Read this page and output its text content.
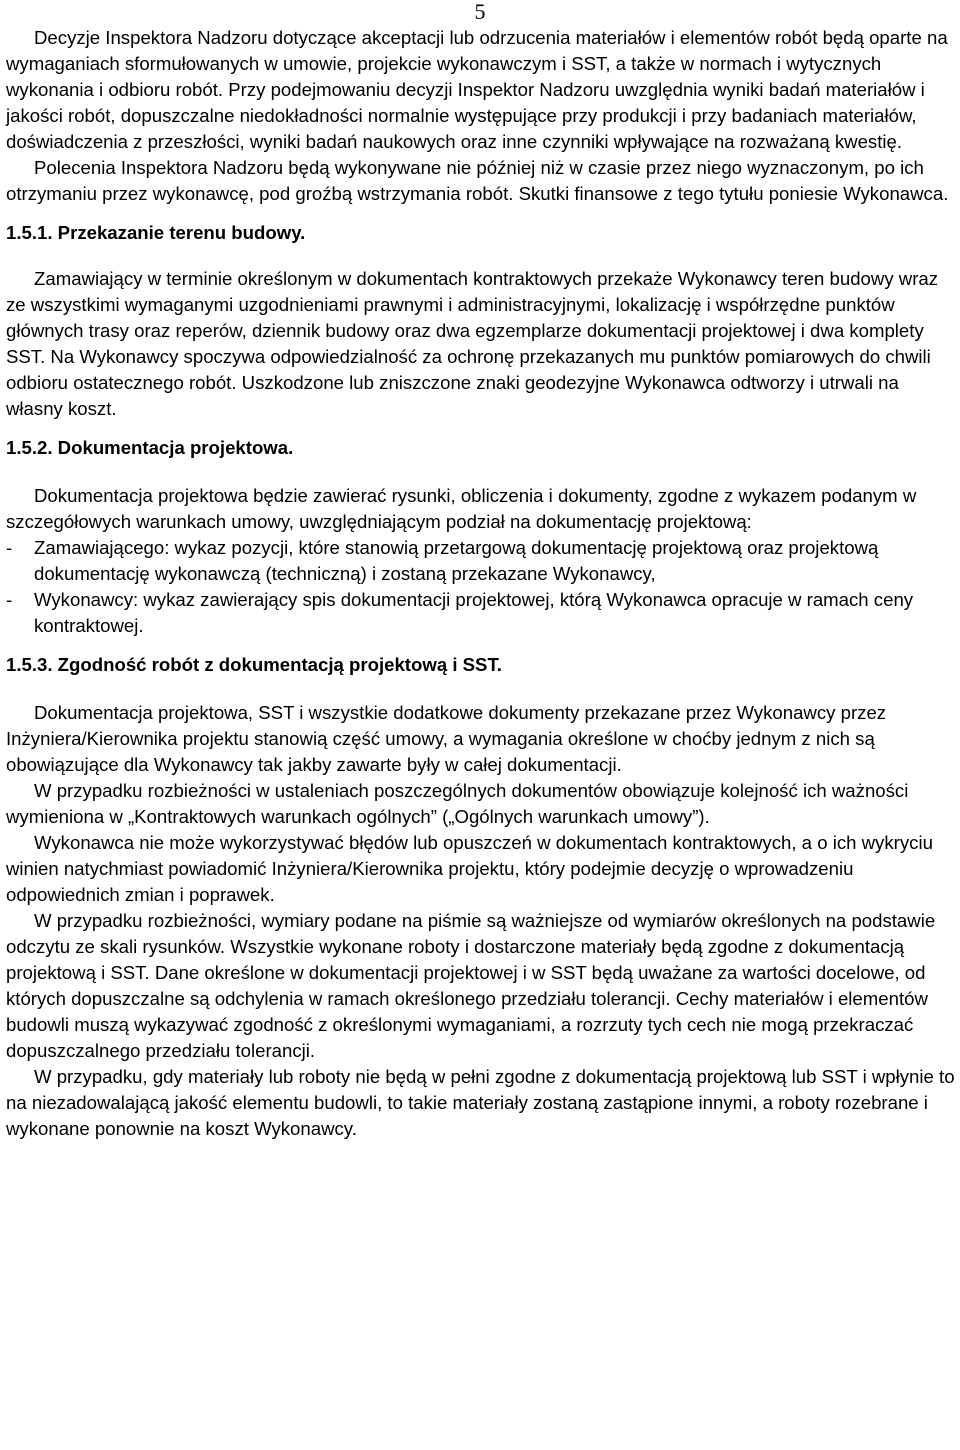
5

Decyzje Inspektora Nadzoru dotyczące akceptacji lub odrzucenia materiałów i elementów robót będą oparte na wymaganiach sformułowanych w umowie, projekcie wykonawczym i SST, a także w normach i wytycznych wykonania i odbioru robót. Przy podejmowaniu decyzji Inspektor Nadzoru uwzględnia wyniki badań materiałów i jakości robót, dopuszczalne niedokładności normalnie występujące przy produkcji i przy badaniach materiałów, doświadczenia z przeszłości, wyniki badań naukowych oraz inne czynniki wpływające na rozważaną kwestię.

Polecenia Inspektora Nadzoru będą wykonywane nie później niż w czasie przez niego wyznaczonym, po ich otrzymaniu przez wykonawcę, pod groźbą wstrzymania robót. Skutki finansowe z tego tytułu poniesie Wykonawca.

1.5.1. Przekazanie terenu budowy.

Zamawiający w terminie określonym w dokumentach kontraktowych przekaże Wykonawcy teren budowy wraz ze wszystkimi wymaganymi uzgodnieniami prawnymi i administracyjnymi, lokalizację i współrzędne punktów głównych trasy oraz reperów, dziennik budowy oraz dwa egzemplarze dokumentacji projektowej i dwa komplety SST. Na Wykonawcy spoczywa odpowiedzialność za ochronę przekazanych mu punktów pomiarowych do chwili odbioru ostatecznego robót. Uszkodzone lub zniszczone znaki geodezyjne Wykonawca odtworzy i utrwali na własny koszt.

1.5.2. Dokumentacja projektowa.

Dokumentacja projektowa będzie zawierać rysunki, obliczenia i dokumenty, zgodne z wykazem podanym w szczegółowych warunkach umowy, uwzględniającym podział na dokumentację projektową:

-	Zamawiającego: wykaz pozycji, które stanowią przetargową dokumentację projektową oraz projektową dokumentację wykonawczą (techniczną) i zostaną przekazane Wykonawcy,
-	Wykonawcy: wykaz zawierający spis dokumentacji projektowej, którą Wykonawca opracuje w ramach ceny kontraktowej.

1.5.3. Zgodność robót z dokumentacją projektową i SST.

Dokumentacja projektowa, SST i wszystkie dodatkowe dokumenty przekazane przez Wykonawcy przez Inżyniera/Kierownika projektu stanowią część umowy, a wymagania określone w choćby jednym z nich są obowiązujące dla Wykonawcy tak jakby zawarte były w całej dokumentacji.

W przypadku rozbieżności w ustaleniach poszczególnych dokumentów obowiązuje kolejność ich ważności wymieniona w „Kontraktowych warunkach ogólnych” („Ogólnych warunkach umowy”).

Wykonawca nie może wykorzystywać błędów lub opuszczeń w dokumentach kontraktowych, a o ich wykryciu winien natychmiast powiadomić Inżyniera/Kierownika projektu, który podejmie decyzję o wprowadzeniu odpowiednich zmian i poprawek.

W przypadku rozbieżności, wymiary podane na piśmie są ważniejsze od wymiarów określonych na podstawie odczytu ze skali rysunków. Wszystkie wykonane roboty i dostarczone materiały będą zgodne z dokumentacją projektową i SST. Dane określone w dokumentacji projektowej i w SST będą uważane za wartości docelowe, od których dopuszczalne są odchylenia w ramach określonego przedziału tolerancji. Cechy materiałów i elementów budowli muszą wykazywać zgodność z określonymi wymaganiami, a rozrzuty tych cech nie mogą przekraczać dopuszczalnego przedziału tolerancji.

W przypadku, gdy materiały lub roboty nie będą w pełni zgodne z dokumentacją projektową lub SST i wpłynie to na niezadowalającą jakość elementu budowli, to takie materiały zostaną zastąpione innymi, a roboty rozebrane i wykonane ponownie na koszt Wykonawcy.
